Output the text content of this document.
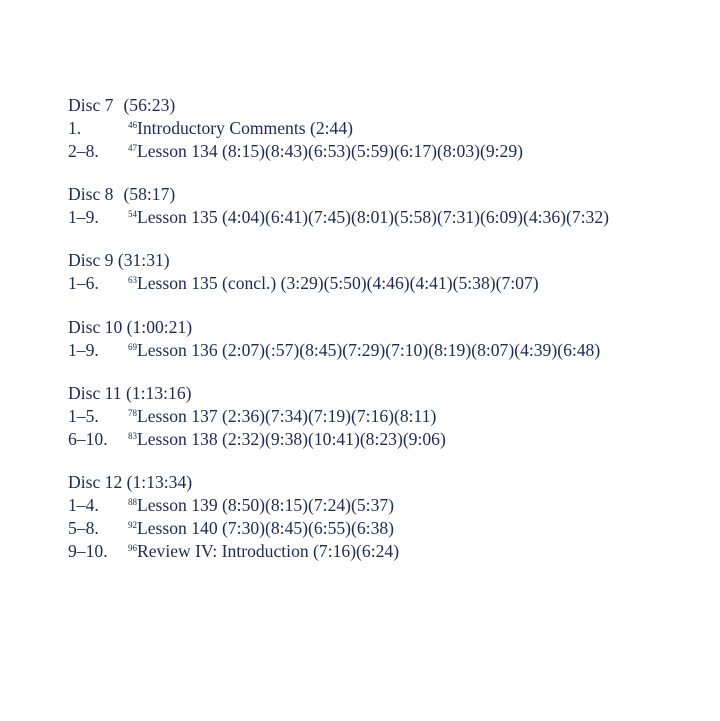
Disc 7 (56:23)
1.	$^{46}$Introductory Comments (2:44)
2–8.	$^{47}$Lesson 134 (8:15)(8:43)(6:53)(5:59)(6:17)(8:03)(9:29)
Disc 8 (58:17)
1–9.	$^{54}$Lesson 135 (4:04)(6:41)(7:45)(8:01)(5:58)(7:31)(6:09)(4:36)(7:32)
Disc 9 (31:31)
1–6.	$^{63}$Lesson 135 (concl.) (3:29)(5:50)(4:46)(4:41)(5:38)(7:07)
Disc 10 (1:00:21)
1–9.	$^{69}$Lesson 136 (2:07)(:57)(8:45)(7:29)(7:10)(8:19)(8:07)(4:39)(6:48)
Disc 11 (1:13:16)
1–5.	$^{78}$Lesson 137 (2:36)(7:34)(7:19)(7:16)(8:11)
6–10. $^{83}$Lesson 138 (2:32)(9:38)(10:41)(8:23)(9:06)
Disc 12 (1:13:34)
1–4.	$^{88}$Lesson 139 (8:50)(8:15)(7:24)(5:37)
5–8.	$^{92}$Lesson 140 (7:30)(8:45)(6:55)(6:38)
9–10. $^{96}$Review IV: Introduction (7:16)(6:24)
